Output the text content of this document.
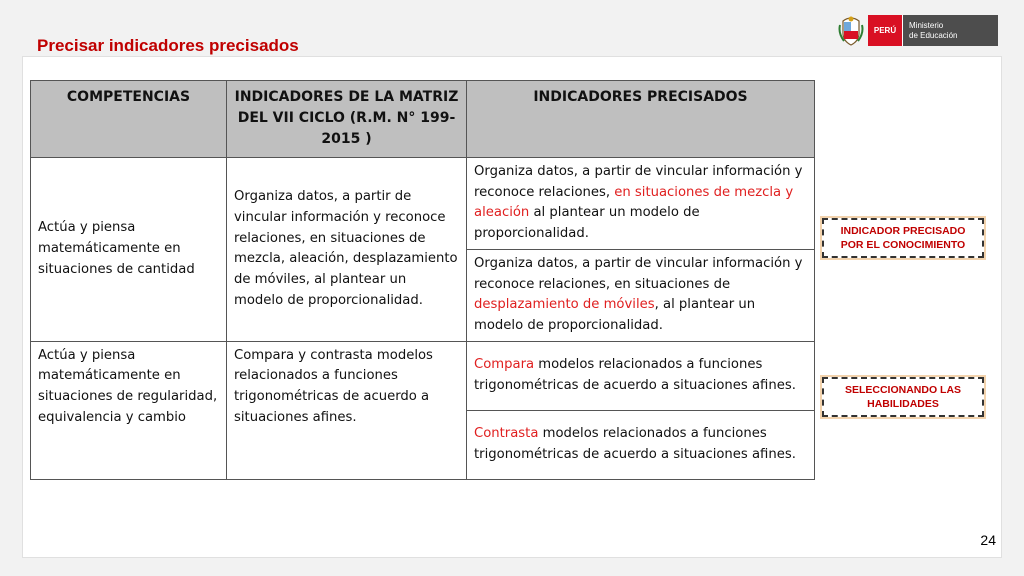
Precisar indicadores precisados
PERÚ
Ministerio
de Educación
COMPETENCIAS	INDICADORES DE LA MATRIZ DEL VII CICLO (R.M. N° 199-2015 )	INDICADORES PRECISADOS
Actúa y piensa matemáticamente en situaciones de cantidad	Organiza datos, a partir de vincular información y reconoce relaciones, en situaciones de mezcla, aleación, desplazamiento de móviles, al plantear un modelo de proporcionalidad.	Organiza datos, a partir de vincular información y reconoce relaciones, en situaciones de mezcla y aleación al plantear un modelo de proporcionalidad.
		Organiza datos, a partir de vincular información y reconoce relaciones, en situaciones de desplazamiento de móviles, al plantear un modelo de proporcionalidad.
Actúa y piensa matemáticamente en situaciones de regularidad, equivalencia y cambio	Compara y contrasta modelos relacionados a funciones trigonométricas de acuerdo a situaciones afines.	Compara modelos relacionados a funciones trigonométricas de acuerdo a situaciones afines.
		Contrasta modelos relacionados a funciones trigonométricas de acuerdo a situaciones afines.
INDICADOR PRECISADO
POR EL CONOCIMIENTO
SELECCIONANDO LAS
HABILIDADES
24
